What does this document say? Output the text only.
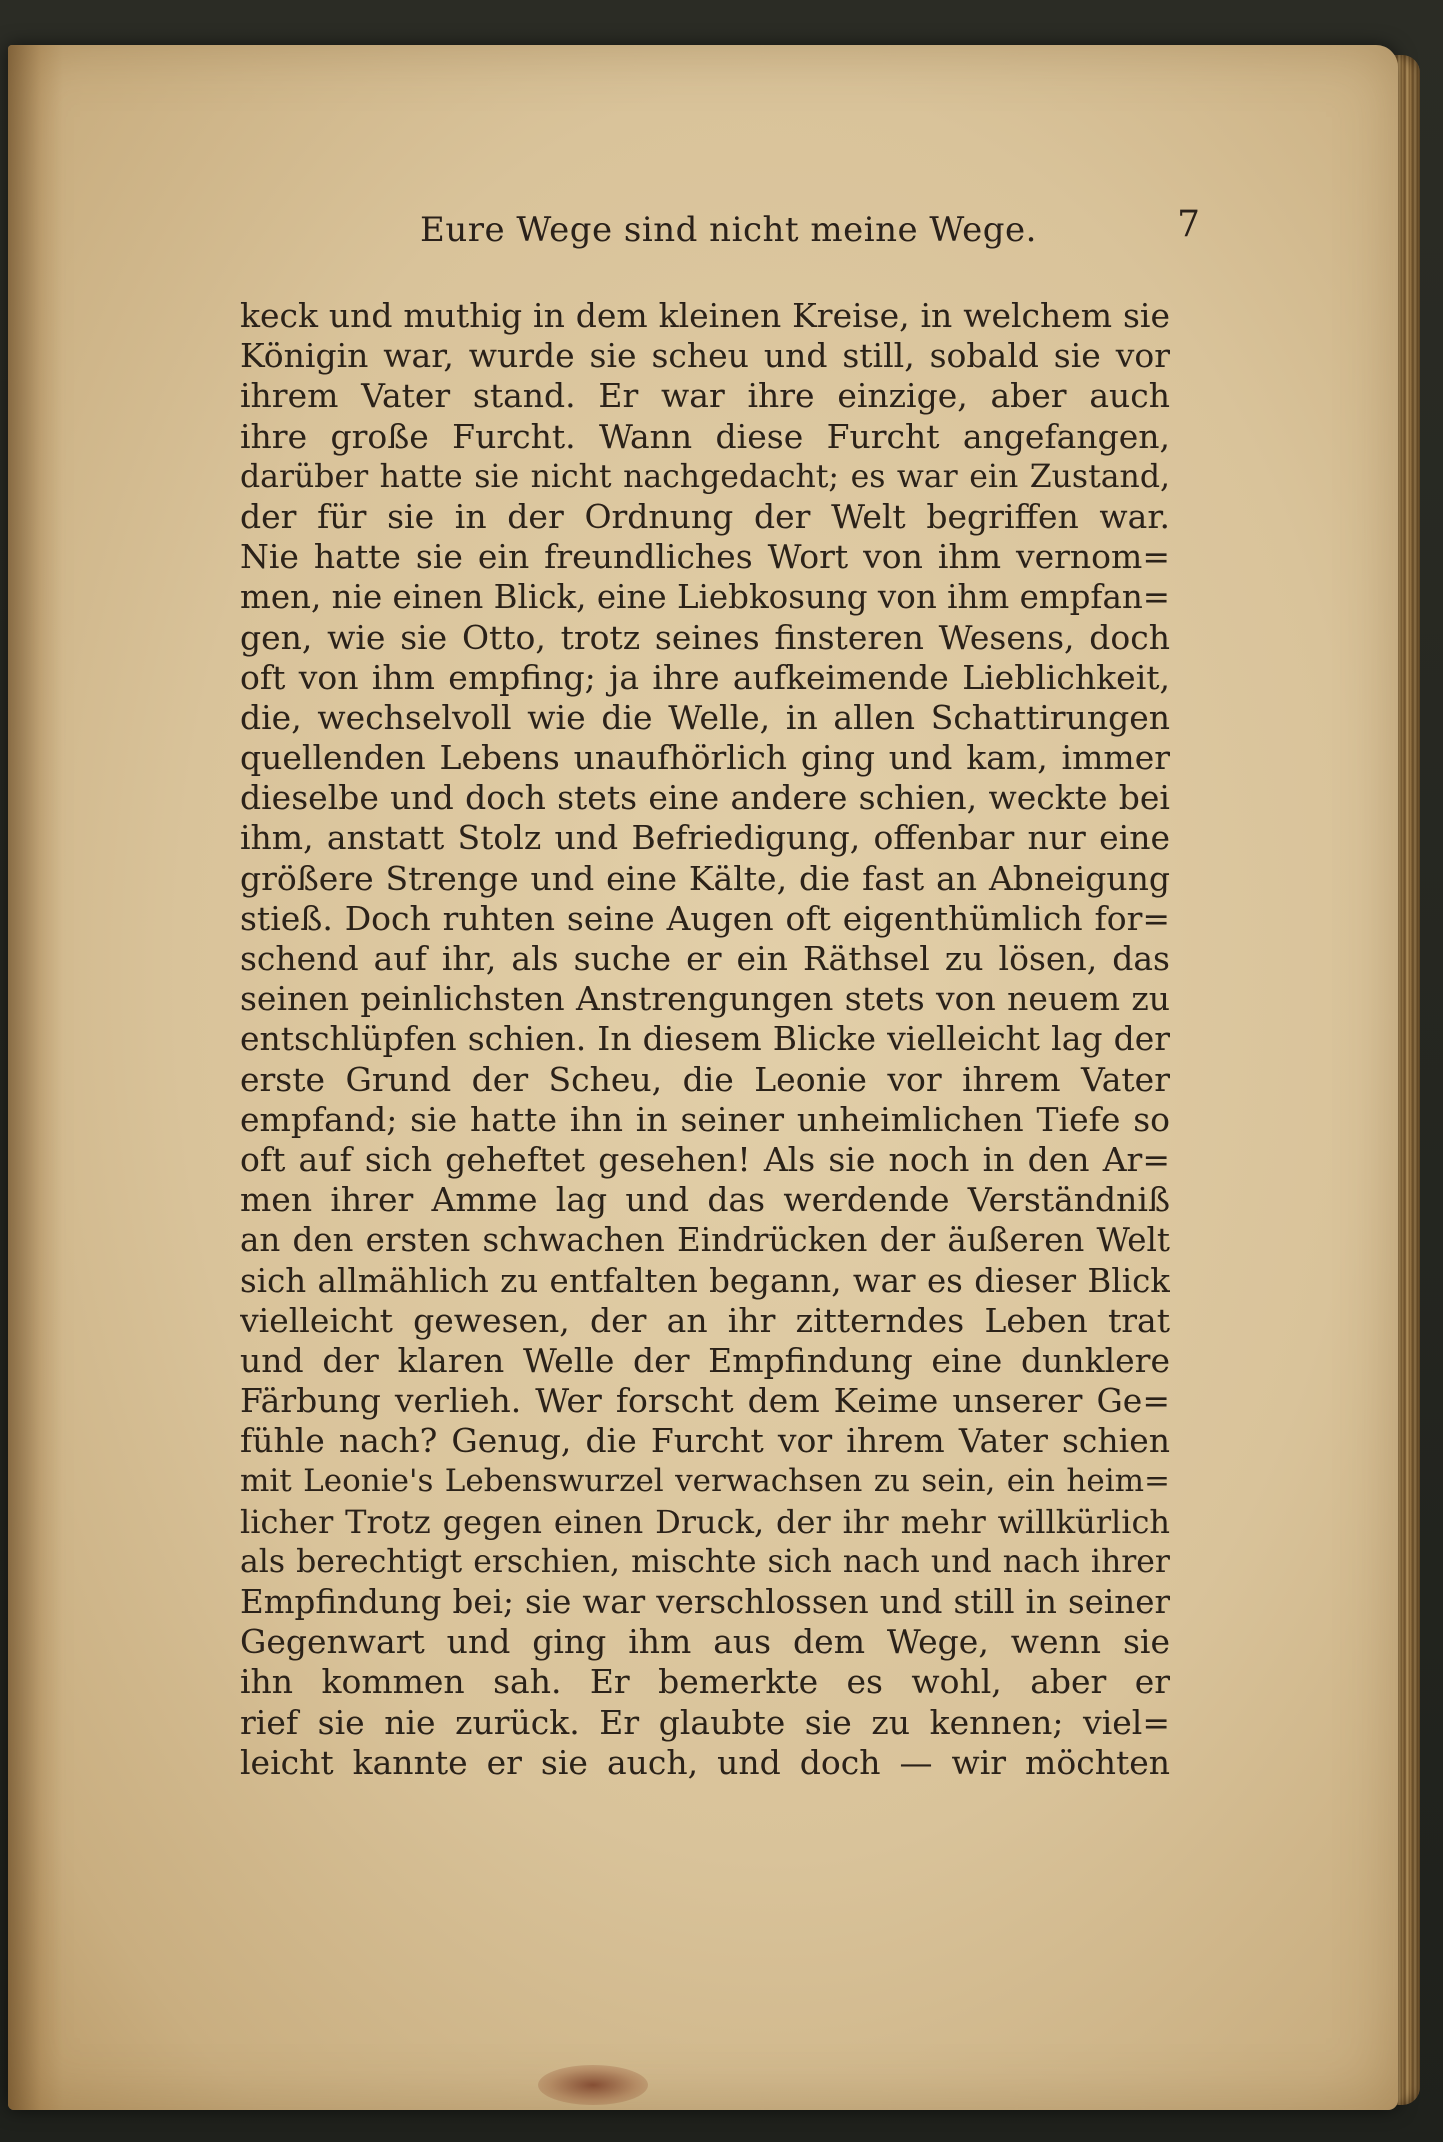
Eure Wege sind nicht meine Wege.	7
keck und muthig in dem kleinen Kreise, in welchem sie
Königin war, wurde sie scheu und still, sobald sie vor
ihrem Vater stand. Er war ihre einzige, aber auch
ihre große Furcht. Wann diese Furcht angefangen,
darüber hatte sie nicht nachgedacht; es war ein Zustand,
der für sie in der Ordnung der Welt begriffen war.
Nie hatte sie ein freundliches Wort von ihm vernom=
men, nie einen Blick, eine Liebkosung von ihm empfan=
gen, wie sie Otto, trotz seines finsteren Wesens, doch
oft von ihm empfing; ja ihre aufkeimende Lieblichkeit,
die, wechselvoll wie die Welle, in allen Schattirungen
quellenden Lebens unaufhörlich ging und kam, immer
dieselbe und doch stets eine andere schien, weckte bei
ihm, anstatt Stolz und Befriedigung, offenbar nur eine
größere Strenge und eine Kälte, die fast an Abneigung
stieß. Doch ruhten seine Augen oft eigenthümlich for=
schend auf ihr, als suche er ein Räthsel zu lösen, das
seinen peinlichsten Anstrengungen stets von neuem zu
entschlüpfen schien. In diesem Blicke vielleicht lag der
erste Grund der Scheu, die Leonie vor ihrem Vater
empfand; sie hatte ihn in seiner unheimlichen Tiefe so
oft auf sich geheftet gesehen! Als sie noch in den Ar=
men ihrer Amme lag und das werdende Verständniß
an den ersten schwachen Eindrücken der äußeren Welt
sich allmählich zu entfalten begann, war es dieser Blick
vielleicht gewesen, der an ihr zitterndes Leben trat
und der klaren Welle der Empfindung eine dunklere
Färbung verlieh. Wer forscht dem Keime unserer Ge=
fühle nach? Genug, die Furcht vor ihrem Vater schien
mit Leonie's Lebenswurzel verwachsen zu sein, ein heim=
licher Trotz gegen einen Druck, der ihr mehr willkürlich
als berechtigt erschien, mischte sich nach und nach ihrer
Empfindung bei; sie war verschlossen und still in seiner
Gegenwart und ging ihm aus dem Wege, wenn sie
ihn kommen sah. Er bemerkte es wohl, aber er
rief sie nie zurück. Er glaubte sie zu kennen; viel=
leicht kannte er sie auch, und doch — wir möchten
